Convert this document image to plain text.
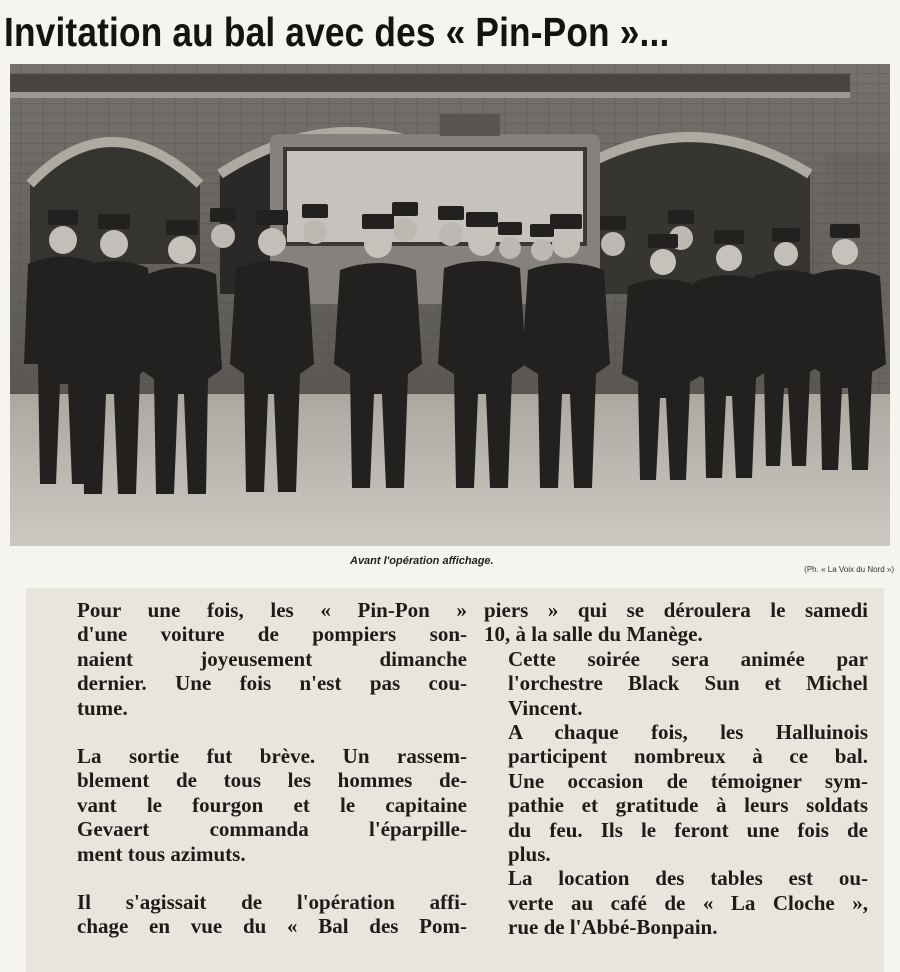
Invitation au bal avec des « Pin-Pon »...
Avant l'opération affichage.
(Ph. « La Voix du Nord »)

Pour une fois, les « Pin-Pon »
d'une voiture de pompiers son-
naient joyeusement dimanche
dernier. Une fois n'est pas cou-
tume.

La sortie fut brève. Un rassem-
blement de tous les hommes de-
vant le fourgon et le capitaine
Gevaert commanda l'éparpille-
ment tous azimuts.

Il s'agissait de l'opération affi-
chage en vue du « Bal des Pom-

piers » qui se déroulera le samedi
10, à la salle du Manège.

Cette soirée sera animée par
l'orchestre Black Sun et Michel
Vincent.

A chaque fois, les Halluinois
participent nombreux à ce bal.
Une occasion de témoigner sym-
pathie et gratitude à leurs soldats
du feu. Ils le feront une fois de
plus.

La location des tables est ou-
verte au café de « La Cloche »,
rue de l'Abbé-Bonpain.
